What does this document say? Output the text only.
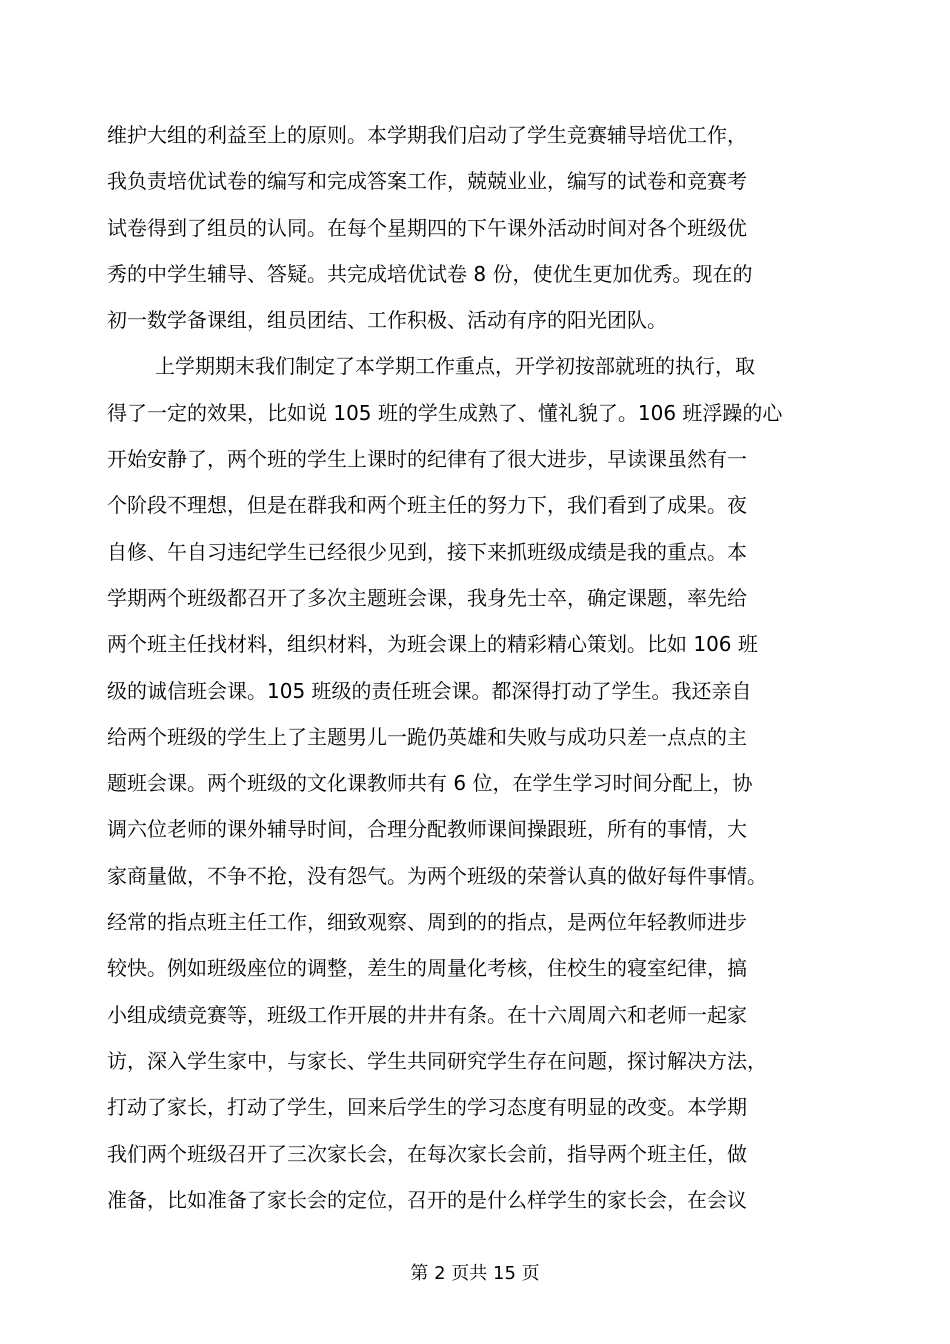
维护大组的利益至上的原则。本学期我们启动了学生竞赛辅导培优工作，
我负责培优试卷的编写和完成答案工作，兢兢业业，编写的试卷和竞赛考
试卷得到了组员的认同。在每个星期四的下午课外活动时间对各个班级优
秀的中学生辅导、答疑。共完成培优试卷 8 份，使优生更加优秀。现在的
初一数学备课组，组员团结、工作积极、活动有序的阳光团队。
上学期期末我们制定了本学期工作重点，开学初按部就班的执行，取
得了一定的效果，比如说 105 班的学生成熟了、懂礼貌了。106 班浮躁的心
开始安静了，两个班的学生上课时的纪律有了很大进步，早读课虽然有一
个阶段不理想，但是在群我和两个班主任的努力下，我们看到了成果。夜
自修、午自习违纪学生已经很少见到，接下来抓班级成绩是我的重点。本
学期两个班级都召开了多次主题班会课，我身先士卒，确定课题，率先给
两个班主任找材料，组织材料，为班会课上的精彩精心策划。比如 106 班
级的诚信班会课。105 班级的责任班会课。都深得打动了学生。我还亲自
给两个班级的学生上了主题男儿一跪仍英雄和失败与成功只差一点点的主
题班会课。两个班级的文化课教师共有 6 位，在学生学习时间分配上，协
调六位老师的课外辅导时间，合理分配教师课间操跟班，所有的事情，大
家商量做，不争不抢，没有怨气。为两个班级的荣誉认真的做好每件事情。
经常的指点班主任工作，细致观察、周到的的指点，是两位年轻教师进步
较快。例如班级座位的调整，差生的周量化考核，住校生的寝室纪律，搞
小组成绩竞赛等，班级工作开展的井井有条。在十六周周六和老师一起家
访，深入学生家中，与家长、学生共同研究学生存在问题，探讨解决方法，
打动了家长，打动了学生，回来后学生的学习态度有明显的改变。本学期
我们两个班级召开了三次家长会，在每次家长会前，指导两个班主任，做
准备，比如准备了家长会的定位，召开的是什么样学生的家长会，在会议
第 2 页共 15 页
